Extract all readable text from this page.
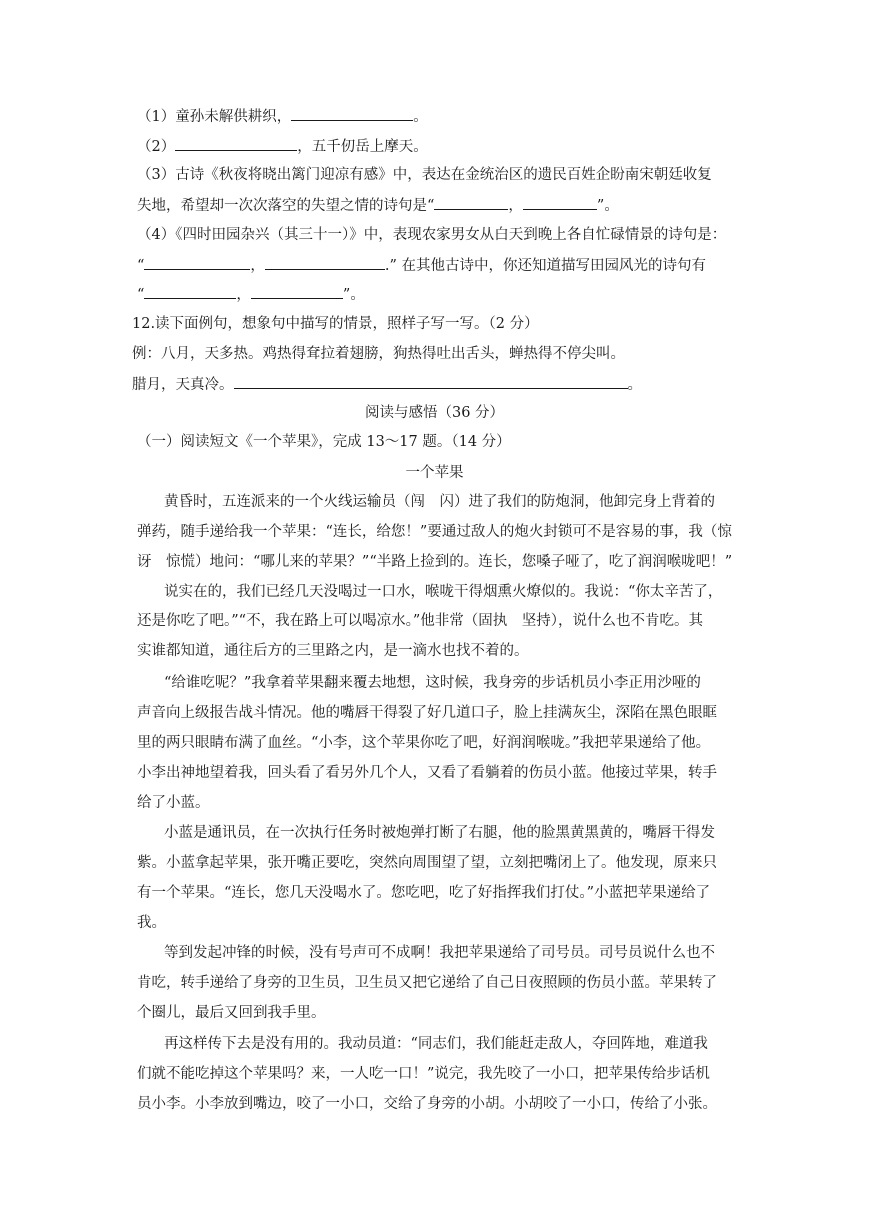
（1）童孙未解供耕织，	。
（2）	，五千仞岳上摩天。
（3）古诗《秋夜将晓出篱门迎凉有感》中，表达在金统治区的遗民百姓企盼南宋朝廷收复
失地，希望却一次次落空的失望之情的诗句是“	，	”。
（4）《四时田园杂兴（其三十一）》中，表现农家男女从白天到晚上各自忙碌情景的诗句是：
“	，	.” 在其他古诗中，你还知道描写田园风光的诗句有
“	，	”。
12.读下面例句，想象句中描写的情景，照样子写一写。（2 分）
例：八月，天多热。鸡热得耷拉着翅膀，狗热得吐出舌头，蝉热得不停尖叫。
腊月，天真冷。	。
阅读与感悟（36 分）
（一）阅读短文《一个苹果》，完成 13～17 题。（14 分）
一个苹果
黄昏时，五连派来的一个火线运输员（闯　闪）进了我们的防炮洞，他卸完身上背着的
弹药，随手递给我一个苹果：“连长，给您！”要通过敌人的炮火封锁可不是容易的事，我（惊
讶　惊慌）地问：“哪儿来的苹果？”“半路上捡到的。连长，您嗓子哑了，吃了润润喉咙吧！”
说实在的，我们已经几天没喝过一口水，喉咙干得烟熏火燎似的。我说：“你太辛苦了，
还是你吃了吧。”“不，我在路上可以喝凉水。”他非常（固执　坚持），说什么也不肯吃。其
实谁都知道，通往后方的三里路之内，是一滴水也找不着的。
“给谁吃呢？”我拿着苹果翻来覆去地想，这时候，我身旁的步话机员小李正用沙哑的
声音向上级报告战斗情况。他的嘴唇干得裂了好几道口子，脸上挂满灰尘，深陷在黑色眼眶
里的两只眼睛布满了血丝。“小李，这个苹果你吃了吧，好润润喉咙。”我把苹果递给了他。
小李出神地望着我，回头看了看另外几个人，又看了看躺着的伤员小蓝。他接过苹果，转手
给了小蓝。
小蓝是通讯员，在一次执行任务时被炮弹打断了右腿，他的脸黑黄黑黄的，嘴唇干得发
紫。小蓝拿起苹果，张开嘴正要吃，突然向周围望了望，立刻把嘴闭上了。他发现，原来只
有一个苹果。“连长，您几天没喝水了。您吃吧，吃了好指挥我们打仗。”小蓝把苹果递给了
我。
等到发起冲锋的时候，没有号声可不成啊！我把苹果递给了司号员。司号员说什么也不
肯吃，转手递给了身旁的卫生员，卫生员又把它递给了自己日夜照顾的伤员小蓝。苹果转了
个圈儿，最后又回到我手里。
再这样传下去是没有用的。我动员道：“同志们，我们能赶走敌人，夺回阵地，难道我
们就不能吃掉这个苹果吗？来，一人吃一口！”说完，我先咬了一小口，把苹果传给步话机
员小李。小李放到嘴边，咬了一小口，交给了身旁的小胡。小胡咬了一小口，传给了小张。
